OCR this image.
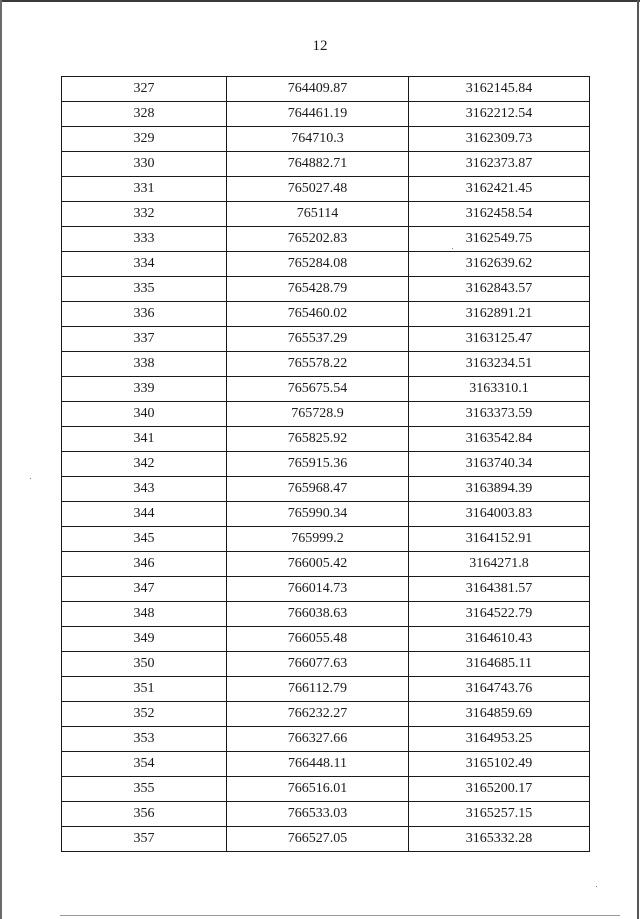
12
327	764409.87	3162145.84
328	764461.19	3162212.54
329	764710.3	3162309.73
330	764882.71	3162373.87
331	765027.48	3162421.45
332	765114	3162458.54
333	765202.83	3162549.75
334	765284.08	3162639.62
335	765428.79	3162843.57
336	765460.02	3162891.21
337	765537.29	3163125.47
338	765578.22	3163234.51
339	765675.54	3163310.1
340	765728.9	3163373.59
341	765825.92	3163542.84
342	765915.36	3163740.34
343	765968.47	3163894.39
344	765990.34	3164003.83
345	765999.2	3164152.91
346	766005.42	3164271.8
347	766014.73	3164381.57
348	766038.63	3164522.79
349	766055.48	3164610.43
350	766077.63	3164685.11
351	766112.79	3164743.76
352	766232.27	3164859.69
353	766327.66	3164953.25
354	766448.11	3165102.49
355	766516.01	3165200.17
356	766533.03	3165257.15
357	766527.05	3165332.28
